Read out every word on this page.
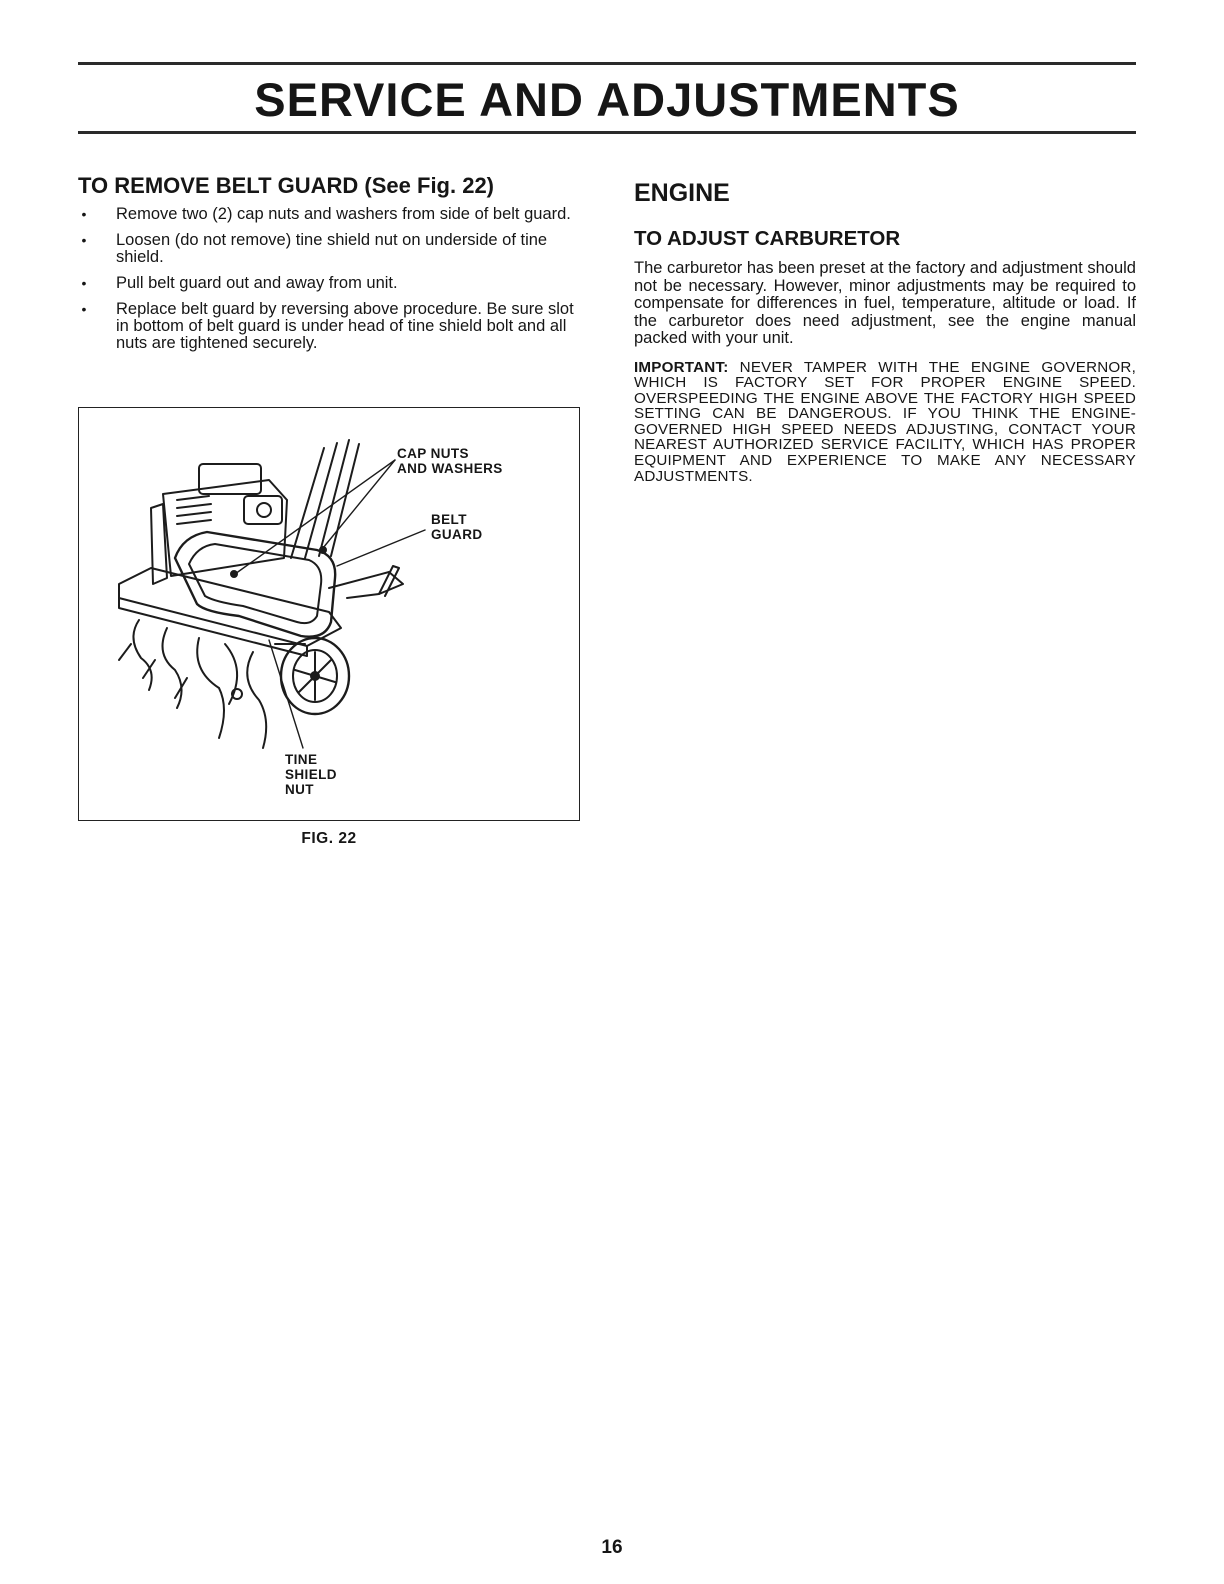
SERVICE AND ADJUSTMENTS
TO REMOVE BELT GUARD (See Fig. 22)
• Remove two (2) cap nuts and washers from side of belt guard.
• Loosen (do not remove) tine shield nut on underside of tine shield.
• Pull belt guard out and away from unit.
• Replace belt guard by reversing above procedure. Be sure slot in bottom of belt guard is under head of tine shield bolt and all nuts are tightened securely.
CAP NUTS
AND WASHERS
BELT
GUARD
TINE
SHIELD
NUT
FIG. 22
ENGINE
TO ADJUST CARBURETOR

The carburetor has been preset at the factory and adjustment should not be necessary. However, minor adjustments may be required to compensate for differences in fuel, temperature, altitude or load. If the carburetor does need adjustment, see the engine manual packed with your unit.

IMPORTANT: NEVER TAMPER WITH THE ENGINE GOVERNOR, WHICH IS FACTORY SET FOR PROPER ENGINE SPEED. OVERSPEEDING THE ENGINE ABOVE THE FACTORY HIGH SPEED SETTING CAN BE DANGEROUS. IF YOU THINK THE ENGINE-GOVERNED HIGH SPEED NEEDS ADJUSTING, CONTACT YOUR NEAREST AUTHORIZED SERVICE FACILITY, WHICH HAS PROPER EQUIPMENT AND EXPERIENCE TO MAKE ANY NECESSARY ADJUSTMENTS.

16
